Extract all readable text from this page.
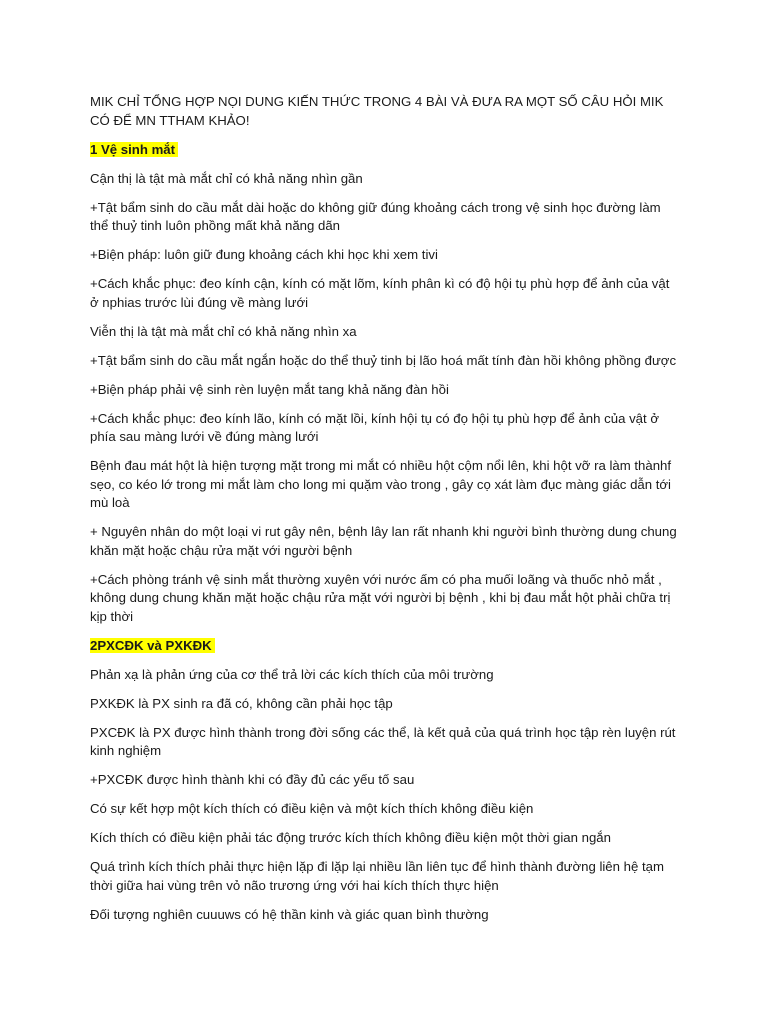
MIK CHỈ TỔNG HỢP NỌI DUNG KIẾN THỨC TRONG 4 BÀI VÀ ĐƯA RA MỌT SỐ CÂU HỎI MIK CÓ ĐỂ MN TTHAM KHẢO!
1 Vệ sinh mắt

Cận thị là tật mà mắt chỉ có khả năng nhìn gần

+Tật bẩm sinh do cầu mắt dài hoặc do không giữ đúng khoảng cách trong vệ sinh học đường làm thể thuỷ tinh luôn phồng mất khả năng dãn

+Biện pháp: luôn giữ đung khoảng cách khi học khi xem tivi

+Cách khắc phục: đeo kính cận, kính có mặt lõm, kính phân kì có độ hội tụ phù hợp để ảnh của vật ở nphias trước lùi đúng về màng lưới

Viễn thị là tật mà mắt chỉ có khả năng nhìn xa

+Tật bẩm sinh do cầu mắt ngắn hoặc do thể thuỷ tinh bị lão hoá mất tính đàn hồi không phồng được

+Biện pháp phải vệ sinh rèn luyện mắt tang khả năng đàn hồi

+Cách khắc phục: đeo kính lão, kính có mặt lồi, kính hội tụ có đọ hội tụ phù hợp để ảnh của vật ở phía sau màng lưới về đúng màng lưới

Bệnh đau mát hột là hiện tượng mặt trong mi mắt có nhiều hột cộm nổi lên, khi hột vỡ ra làm thànhf sẹo, co kéo lớ trong mi mắt làm cho long mi quặm vào trong , gây cọ xát làm đục màng giác dẫn tới mù loà

+ Nguyên nhân do một loại vi rut gây nên, bệnh lây lan rất nhanh khi người bình thường dung chung khăn mặt hoặc chậu rửa mặt với người bệnh

+Cách phòng tránh vệ sinh mắt thường xuyên với nước ấm có pha muối loãng và thuốc nhỏ mắt , không dung chung khăn mặt hoặc chậu rửa mặt với người bị bệnh , khi bị đau mắt hột phải chữa trị kịp thời

2PXCĐK và PXKĐK

Phản xạ là phản ứng của cơ thể trả lời các kích thích của môi trường

PXKĐK là PX sinh ra đã có, không cần phải học tập

PXCĐK là PX được hình thành trong đời sống các thể, là kết quả của quá trình học tập rèn luyện rút kinh nghiệm

+PXCĐK được hình thành khi có đầy đủ các yếu tố sau

Có sự kết hợp một kích thích có điều kiện và một kích thích không điều kiện

Kích thích có điều kiện phải tác động trước kích thích không điều kiện một thời gian ngắn

Quá trình kích thích phải thực hiện lặp đi lặp lại nhiều lần liên tục để hình thành đường liên hệ tạm thời giữa hai vùng trên vỏ não trương ứng với hai kích thích thực hiện

Đối tượng nghiên cuuuws có hệ thần kinh và giác quan bình thường
